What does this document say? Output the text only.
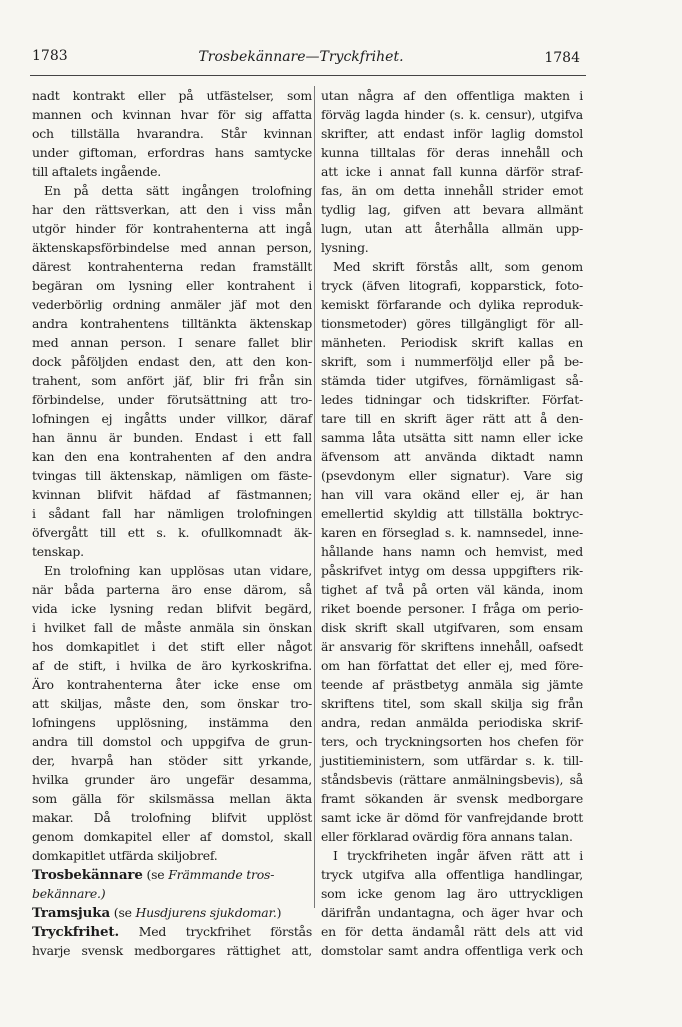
1783	Trosbekännare—Tryckfrihet.	1784
nadt kontrakt eller på utfästelser, som
mannen och kvinnan hvar för sig affatta
och tillställa hvarandra. Står kvinnan
under giftoman, erfordras hans samtycke
till aftalets ingående.
En på detta sätt ingången trolofning
har den rättsverkan, att den i viss mån
utgör hinder för kontrahenterna att ingå
äktenskapsförbindelse med annan person,
därest kontrahenterna redan framställt
begäran om lysning eller kontrahent i
vederbörlig ordning anmäler jäf mot den
andra kontrahentens tilltänkta äktenskap
med annan person. I senare fallet blir
dock påföljden endast den, att den kon-
trahent, som anfört jäf, blir fri från sin
förbindelse, under förutsättning att tro-
lofningen ej ingåtts under villkor, däraf
han ännu är bunden. Endast i ett fall
kan den ena kontrahenten af den andra
tvingas till äktenskap, nämligen om fäste-
kvinnan blifvit häfdad af fästmannen;
i sådant fall har nämligen trolofningen
öfvergått till ett s. k. ofullkomnadt äk-
tenskap.
En trolofning kan upplösas utan vidare,
när båda parterna äro ense därom, så
vida icke lysning redan blifvit begärd,
i hvilket fall de måste anmäla sin önskan
hos domkapitlet i det stift eller något
af de stift, i hvilka de äro kyrkoskrifna.
Äro kontrahenterna åter icke ense om
att skiljas, måste den, som önskar tro-
lofningens upplösning, instämma den
andra till domstol och uppgifva de grun-
der, hvarpå han stöder sitt yrkande,
hvilka grunder äro ungefär desamma,
som gälla för skilsmässa mellan äkta
makar. Då trolofning blifvit upplöst
genom domkapitel eller af domstol, skall
domkapitlet utfärda skiljobref.
Trosbekännare (se Främmande tros-
bekännare.)
Tramsjuka (se Husdjurens sjukdomar.)
Tryckfrihet. Med tryckfrihet förstås
hvarje svensk medborgares rättighet att,
utan några af den offentliga makten i
förväg lagda hinder (s. k. censur), utgifva
skrifter, att endast inför laglig domstol
kunna tilltalas för deras innehåll och
att icke i annat fall kunna därför straf-
fas, än om detta innehåll strider emot
tydlig lag, gifven att bevara allmänt
lugn, utan att återhålla allmän upp-
lysning.
Med skrift förstås allt, som genom
tryck (äfven litografi, kopparstick, foto-
kemiskt förfarande och dylika reproduk-
tionsmetoder) göres tillgängligt för all-
mänheten. Periodisk skrift kallas en
skrift, som i nummerföljd eller på be-
stämda tider utgifves, förnämligast så-
ledes tidningar och tidskrifter. Förfat-
tare till en skrift äger rätt att å den-
samma låta utsätta sitt namn eller icke
äfvensom att använda diktadt namn
(psevdonym eller signatur). Vare sig
han vill vara okänd eller ej, är han
emellertid skyldig att tillställa boktryc-
karen en förseglad s. k. namnsedel, inne-
hållande hans namn och hemvist, med
påskrifvet intyg om dessa uppgifters rik-
tighet af två på orten väl kända, inom
riket boende personer. I fråga om perio-
disk skrift skall utgifvaren, som ensam
är ansvarig för skriftens innehåll, oafsedt
om han författat det eller ej, med före-
teende af prästbetyg anmäla sig jämte
skriftens titel, som skall skilja sig från
andra, redan anmälda periodiska skrif-
ters, och tryckningsorten hos chefen för
justitieministern, som utfärdar s. k. till-
ståndsbevis (rättare anmälningsbevis), så
framt sökanden är svensk medborgare
samt icke är dömd för vanfrejdande brott
eller förklarad ovärdig föra annans talan.
I tryckfriheten ingår äfven rätt att i
tryck utgifva alla offentliga handlingar,
som icke genom lag äro uttryckligen
därifrån undantagna, och äger hvar och
en för detta ändamål rätt dels att vid
domstolar samt andra offentliga verk och
